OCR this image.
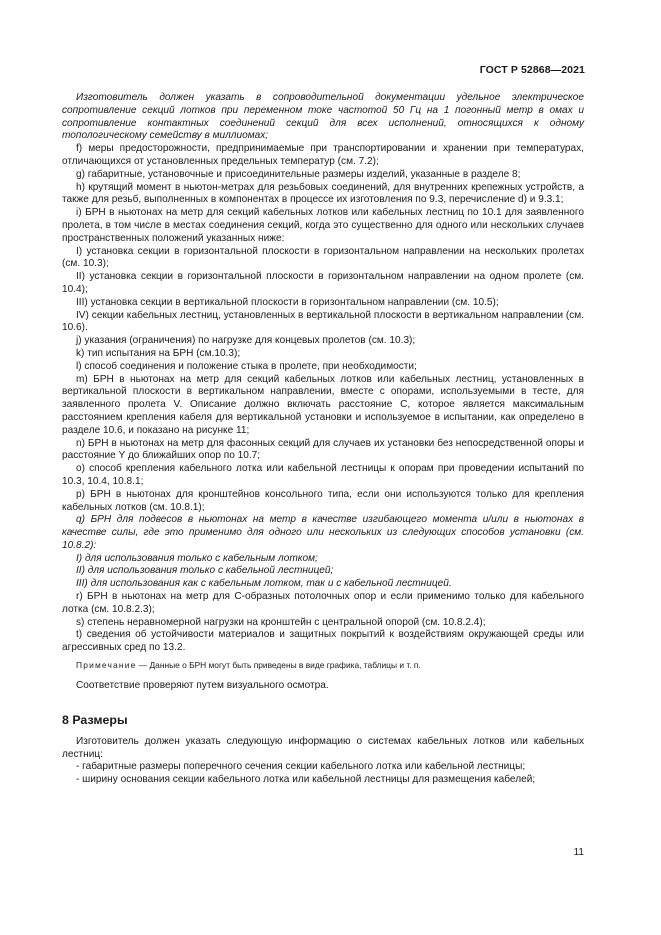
ГОСТ Р 52868—2021

Изготовитель должен указать в сопроводительной документации удельное электрическое сопротивление секций лотков при переменном токе частотой 50 Гц на 1 погонный метр в омах и сопротивление контактных соединений секций для всех исполнений, относящихся к одному топологическому семейству в миллиомах;

f) меры предосторожности, предпринимаемые при транспортировании и хранении при температурах, отличающихся от установленных предельных температур (см. 7.2);

g) габаритные, установочные и присоединительные размеры изделий, указанные в разделе 8;

h) крутящий момент в ньютон-метрах для резьбовых соединений, для внутренних крепежных устройств, а также для резьб, выполненных в компонентах в процессе их изготовления по 9.3, перечисление d) и 9.3.1;

i) БРН в ньютонах на метр для секций кабельных лотков или кабельных лестниц по 10.1 для заявленного пролета, в том числе в местах соединения секций, когда это существенно для одного или нескольких случаев пространственных положений указанных ниже:

I) установка секции в горизонтальной плоскости в горизонтальном направлении на нескольких пролетах (см. 10.3);

II) установка секции в горизонтальной плоскости в горизонтальном направлении на одном пролете (см. 10.4);

III) установка секции в вертикальной плоскости в горизонтальном направлении (см. 10.5);

IV) секции кабельных лестниц, установленных в вертикальной плоскости в вертикальном направлении (см. 10.6).

j) указания (ограничения) по нагрузке для концевых пролетов (см. 10.3);

k) тип испытания на БРН (см.10.3);

l) способ соединения и положение стыка в пролете, при необходимости;

m) БРН в ньютонах на метр для секций кабельных лотков или кабельных лестниц, установленных в вертикальной плоскости в вертикальном направлении, вместе с опорами, используемыми в тесте, для заявленного пролета V. Описание должно включать расстояние С, которое является максимальным расстоянием крепления кабеля для вертикальной установки и используемое в испытании, как определено в разделе 10.6, и показано на рисунке 11;

n) БРН в ньютонах на метр для фасонных секций для случаев их установки без непосредственной опоры и расстояние Y до ближайших опор по 10.7;

o) способ крепления кабельного лотка или кабельной лестницы к опорам при проведении испытаний по 10.3, 10.4, 10.8.1;

p) БРН в ньютонах для кронштейнов консольного типа, если они используются только для крепления кабельных лотков (см. 10.8.1);

q) БРН для подвесов в ньютонах на метр в качестве изгибающего момента и/или в ньютонах в качестве силы, где это применимо для одного или нескольких из следующих способов установки (см. 10.8.2):

I) для использования только с кабельным лотком;

II) для использования только с кабельной лестницей;

III) для использования как с кабельным лотком, так и с кабельной лестницей.

r) БРН в ньютонах на метр для С-образных потолочных опор и если применимо только для кабельного лотка (см. 10.8.2.3);

s) степень неравномерной нагрузки на кронштейн с центральной опорой (см. 10.8.2.4);

t) сведения об устойчивости материалов и защитных покрытий к воздействиям окружающей среды или агрессивных сред по 13.2.

Примечание — Данные о БРН могут быть приведены в виде графика, таблицы и т. п.

Соответствие проверяют путем визуального осмотра.

8 Размеры

Изготовитель должен указать следующую информацию о системах кабельных лотков или кабельных лестниц:

- габаритные размеры поперечного сечения секции кабельного лотка или кабельной лестницы;

- ширину основания секции кабельного лотка или кабельной лестницы для размещения кабелей;

11
